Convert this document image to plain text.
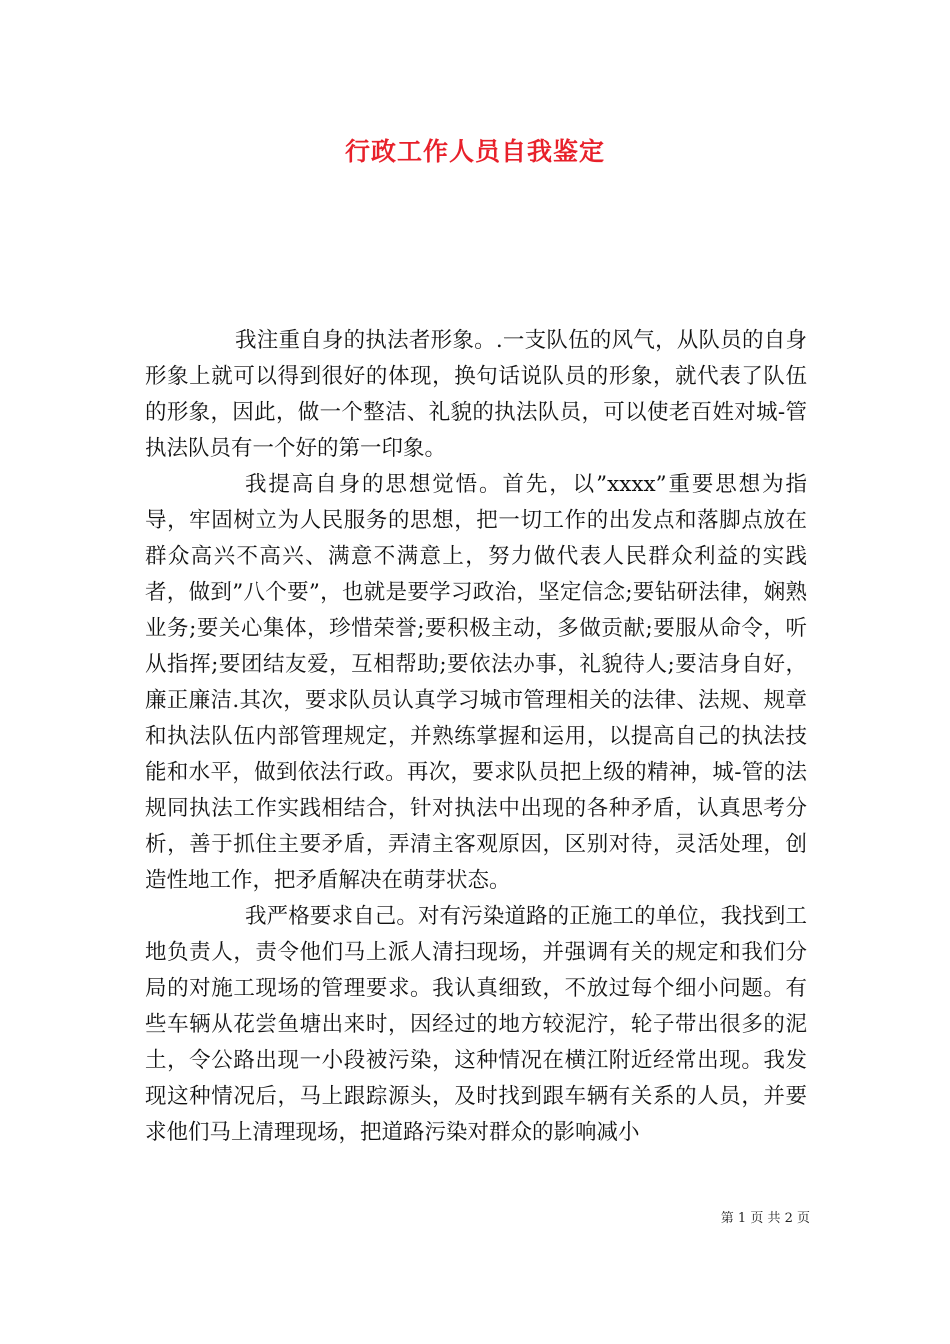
行政工作人员自我鉴定

我注重自身的执法者形象。.一支队伍的风气，从队员的自身形象上就可以得到很好的体现，换句话说队员的形象，就代表了队伍的形象，因此，做一个整洁、礼貌的执法队员，可以使老百姓对城-管执法队员有一个好的第一印象。

我提高自身的思想觉悟。首先，以”xxxx”重要思想为指导，牢固树立为人民服务的思想，把一切工作的出发点和落脚点放在群众高兴不高兴、满意不满意上，努力做代表人民群众利益的实践者，做到”八个要”，也就是要学习政治，坚定信念;要钻研法律，娴熟业务;要关心集体，珍惜荣誉;要积极主动，多做贡献;要服从命令，听从指挥;要团结友爱，互相帮助;要依法办事，礼貌待人;要洁身自好，廉正廉洁.其次，要求队员认真学习城市管理相关的法律、法规、规章和执法队伍内部管理规定，并熟练掌握和运用，以提高自己的执法技能和水平，做到依法行政。再次，要求队员把上级的精神，城-管的法规同执法工作实践相结合，针对执法中出现的各种矛盾，认真思考分析，善于抓住主要矛盾，弄清主客观原因，区别对待，灵活处理，创造性地工作，把矛盾解决在萌芽状态。

我严格要求自己。对有污染道路的正施工的单位，我找到工地负责人，责令他们马上派人清扫现场，并强调有关的规定和我们分局的对施工现场的管理要求。我认真细致，不放过每个细小问题。有些车辆从花尝鱼塘出来时，因经过的地方较泥泞，轮子带出很多的泥土，令公路出现一小段被污染，这种情况在横江附近经常出现。我发现这种情况后，马上跟踪源头，及时找到跟车辆有关系的人员，并要求他们马上清理现场，把道路污染对群众的影响减小

第 1 页 共 2 页
